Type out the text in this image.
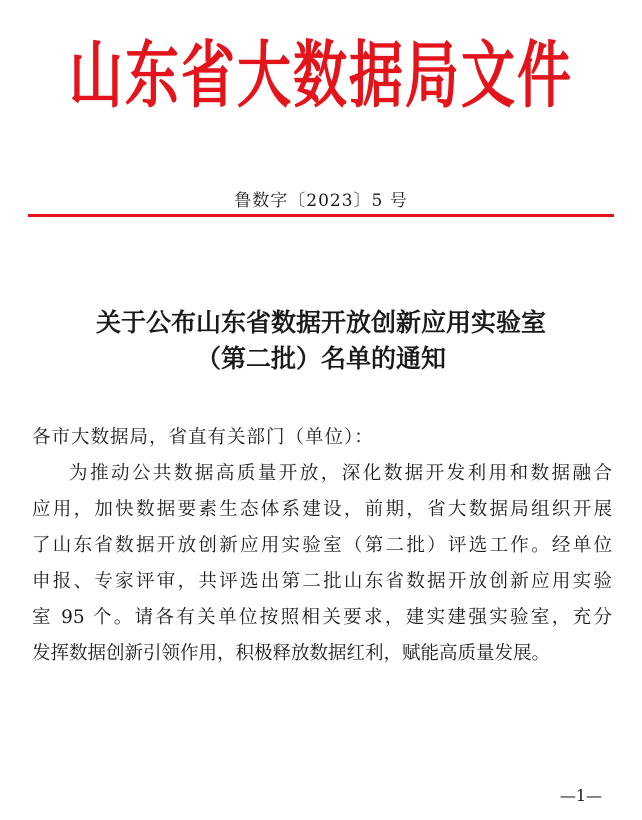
山东省大数据局文件
鲁数字〔2023〕5 号
关于公布山东省数据开放创新应用实验室
（第二批）名单的通知
各市大数据局，省直有关部门（单位）：
为推动公共数据高质量开放，深化数据开发利用和数据融合
应用，加快数据要素生态体系建设，前期，省大数据局组织开展
了山东省数据开放创新应用实验室（第二批）评选工作。经单位
申报、专家评审，共评选出第二批山东省数据开放创新应用实验
室 95 个。请各有关单位按照相关要求，建实建强实验室，充分
发挥数据创新引领作用，积极释放数据红利，赋能高质量发展。
—1—
